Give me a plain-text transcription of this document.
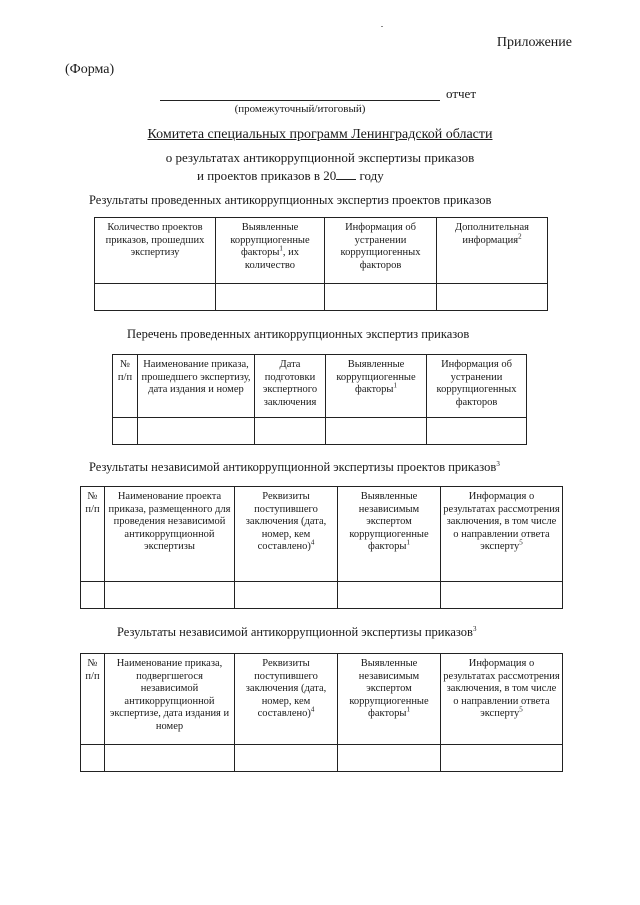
Приложение
(Форма)
отчет
(промежуточный/итоговый)
Комитета специальных программ Ленинградской области
о результатах антикоррупционной экспертизы приказов
и проектов приказов в 20 году
Результаты проведенных антикоррупционных экспертиз проектов приказов
Количество проектов приказов, прошедших экспертизу	Выявленные коррупциогенные факторы$^1$, их количество	Информация об устранении коррупциогенных факторов	Дополнительная информация$^2$

Перечень проведенных антикоррупционных экспертиз приказов
№ п/п	Наименование приказа, прошедшего экспертизу, дата издания и номер	Дата подготовки экспертного заключения	Выявленные коррупциогенные факторы$^1$	Информация об устранении коррупциогенных факторов

Результаты независимой антикоррупционной экспертизы проектов приказов$^3$
№ п/п	Наименование проекта приказа, размещенного для проведения независимой антикоррупционной экспертизы	Реквизиты поступившего заключения (дата, номер, кем составлено)$^4$	Выявленные независимым экспертом коррупциогенные факторы$^1$	Информация о результатах рассмотрения заключения, в том числе о направлении ответа эксперту$^5$

Результаты независимой антикоррупционной экспертизы приказов$^3$
№ п/п	Наименование приказа, подвергшегося независимой антикоррупционной экспертизе, дата издания и номер	Реквизиты поступившего заключения (дата, номер, кем составлено)$^4$	Выявленные независимым экспертом коррупциогенные факторы$^1$	Информация о результатах рассмотрения заключения, в том числе о направлении ответа эксперту$^5$
